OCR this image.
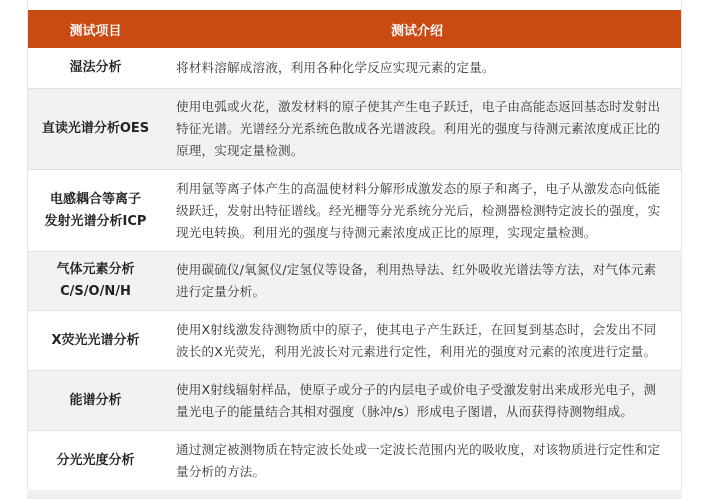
测试项目	测试介绍
湿法分析	将材料溶解成溶液，利用各种化学反应实现元素的定量。
直读光谱分析OES
使用电弧或火花，激发材料的原子使其产生电子跃迁，电子由高能态返回基态时发射出特征光谱。光谱经分光系统色散成各光谱波段。利用光的强度与待测元素浓度成正比的原理，实现定量检测。
电感耦合等离子
发射光谱分析ICP
利用氩等离子体产生的高温使材料分解形成激发态的原子和离子，电子从激发态向低能级跃迁，发射出特征谱线。经光栅等分光系统分光后，检测器检测特定波长的强度，实现光电转换。利用光的强度与待测元素浓度成正比的原理，实现定量检测。
气体元素分析
C/S/O/N/H
使用碳硫仪/氧氮仪/定氢仪等设备，利用热导法、红外吸收光谱法等方法，对气体元素进行定量分析。
X荧光光谱分析
使用X射线激发待测物质中的原子，使其电子产生跃迁，在回复到基态时，会发出不同波长的X光荧光，利用光波长对元素进行定性，利用光的强度对元素的浓度进行定量。
能谱分析
使用X射线辐射样品，使原子或分子的内层电子或价电子受激发射出来成形光电子，测量光电子的能量结合其相对强度（脉冲/s）形成电子图谱，从而获得待测物组成。
分光光度分析
通过测定被测物质在特定波长处或一定波长范围内光的吸收度，对该物质进行定性和定量分析的方法。
